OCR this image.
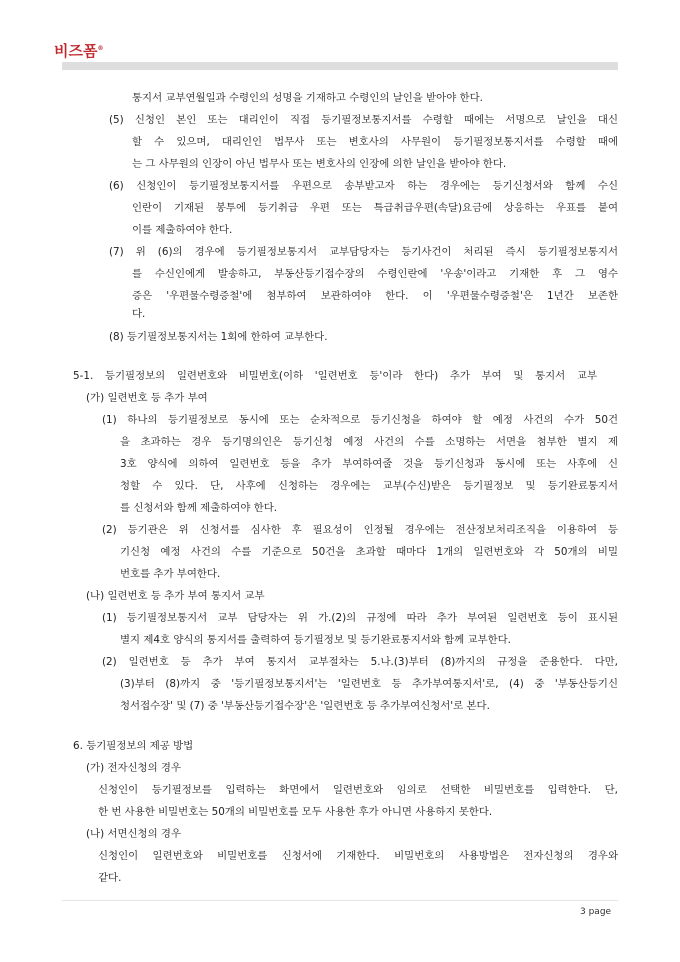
비즈폼®
통지서 교부연월일과 수령인의 성명을 기재하고 수령인의 날인을 받아야 한다.
(5) 신청인 본인 또는 대리인이 직접 등기필정보통지서를 수령할 때에는 서명으로 날인을 대신
할 수 있으며, 대리인인 법무사 또는 변호사의 사무원이 등기필정보통지서를 수령할 때에
는 그 사무원의 인장이 아닌 법무사 또는 변호사의 인장에 의한 날인을 받아야 한다.
(6) 신청인이 등기필정보통지서를 우편으로 송부받고자 하는 경우에는 등기신청서와 함께 수신
인란이 기재된 봉투에 등기취급 우편 또는 특급취급우편(속달)요금에 상응하는 우표를 붙여
이를 제출하여야 한다.
(7) 위 (6)의 경우에 등기필정보통지서 교부담당자는 등기사건이 처리된 즉시 등기필정보통지서
를 수신인에게 발송하고, 부동산등기접수장의 수령인란에 '우송'이라고 기재한 후 그 영수
증은 '우편물수령증철'에 첨부하여 보관하여야 한다. 이 '우편물수령증철'은 1년간 보존한
다.
(8) 등기필정보통지서는 1회에 한하여 교부한다.
5-1. 등기필정보의 일련번호와 비밀번호(이하 '일련번호 등'이라 한다) 추가 부여 및 통지서 교부
(가) 일련번호 등 추가 부여
(1) 하나의 등기필정보로 동시에 또는 순차적으로 등기신청을 하여야 할 예정 사건의 수가 50건
을 초과하는 경우 등기명의인은 등기신청 예정 사건의 수를 소명하는 서면을 첨부한 별지 제
3호 양식에 의하여 일련번호 등을 추가 부여하여줄 것을 등기신청과 동시에 또는 사후에 신
청할 수 있다. 단, 사후에 신청하는 경우에는 교부(수신)받은 등기필정보 및 등기완료통지서
를 신청서와 함께 제출하여야 한다.
(2) 등기관은 위 신청서를 심사한 후 필요성이 인정될 경우에는 전산정보처리조직을 이용하여 등
기신청 예정 사건의 수를 기준으로 50건을 초과할 때마다 1개의 일련번호와 각 50개의 비밀
번호를 추가 부여한다.
(나) 일련번호 등 추가 부여 통지서 교부
(1) 등기필정보통지서 교부 담당자는 위 가.(2)의 규정에 따라 추가 부여된 일련번호 등이 표시된
별지 제4호 양식의 통지서를 출력하여 등기필정보 및 등기완료통지서와 함께 교부한다.
(2) 일련번호 등 추가 부여 통지서 교부절차는 5.나.(3)부터 (8)까지의 규정을 준용한다. 다만,
(3)부터 (8)까지 중 '등기필정보통지서'는 '일련번호 등 추가부여통지서'로, (4) 중 '부동산등기신
청서접수장' 및 (7) 중 '부동산등기접수장'은 '일련번호 등 추가부여신청서'로 본다.
6. 등기필정보의 제공 방법
(가) 전자신청의 경우
신청인이 등기필정보를 입력하는 화면에서 일련번호와 임의로 선택한 비밀번호를 입력한다. 단,
한 번 사용한 비밀번호는 50개의 비밀번호를 모두 사용한 후가 아니면 사용하지 못한다.
(나) 서면신청의 경우
신청인이 일련번호와 비밀번호를 신청서에 기재한다. 비밀번호의 사용방법은 전자신청의 경우와
같다.
3 page
